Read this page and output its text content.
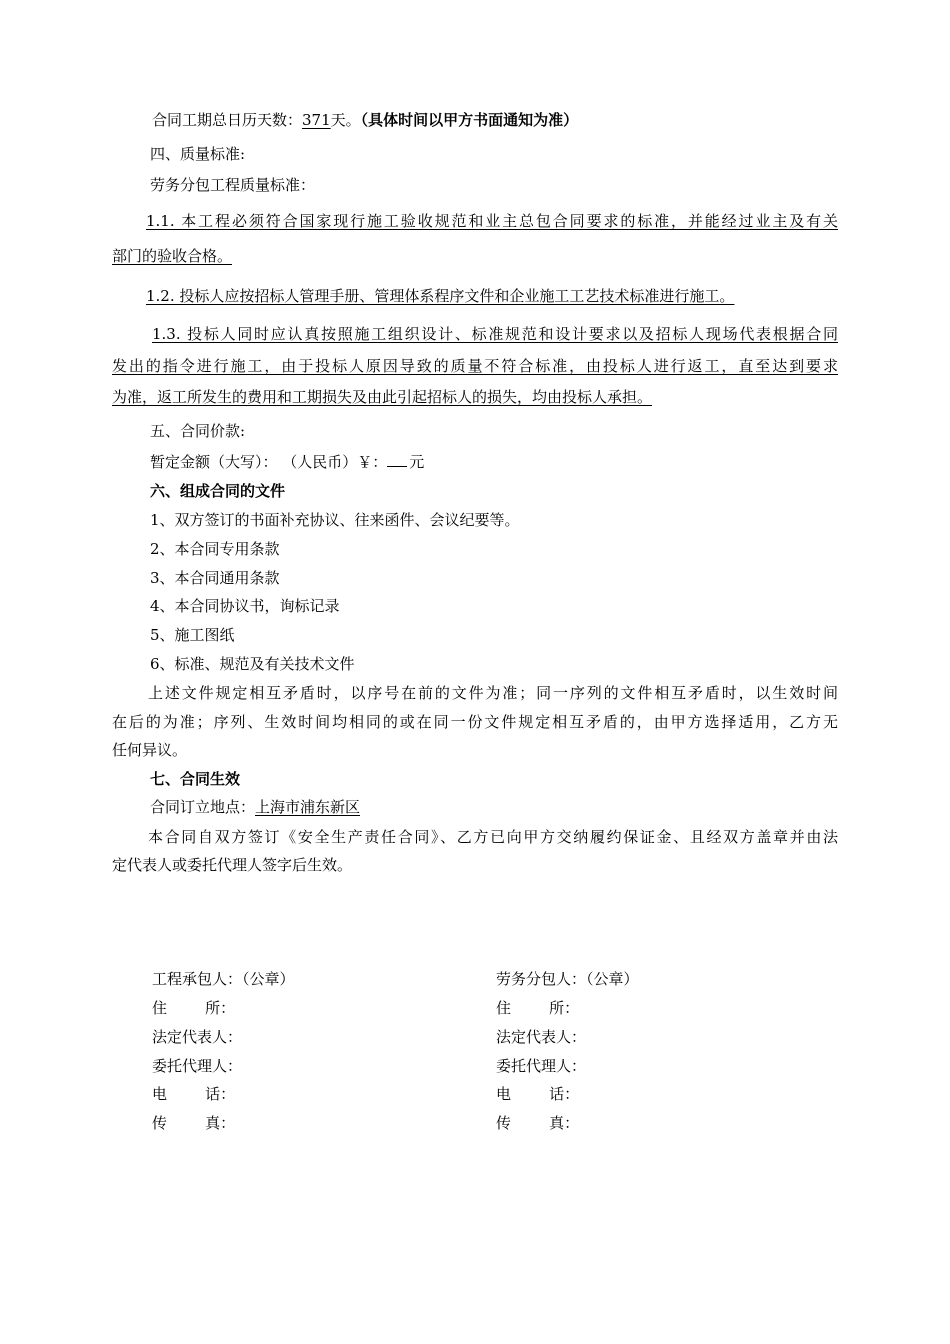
合同工期总日历天数：371天。（具体时间以甲方书面通知为准）
四、质量标准:
劳务分包工程质量标准：
1.1. 本工程必须符合国家现行施工验收规范和业主总包合同要求的标准，并能经过业主及有关
部门的验收合格。
1.2. 投标人应按招标人管理手册、管理体系程序文件和企业施工工艺技术标准进行施工。
1.3. 投标人同时应认真按照施工组织设计、标准规范和设计要求以及招标人现场代表根据合同
发出的指令进行施工，由于投标人原因导致的质量不符合标准，由投标人进行返工，直至达到要求
为准，返工所发生的费用和工期损失及由此引起招标人的损失，均由投标人承担。
五、合同价款:
暂定金额（大写）： （人民币）￥： 元
六、组成合同的文件
1、双方签订的书面补充协议、往来函件、会议纪要等。
2、本合同专用条款
3、本合同通用条款
4、本合同协议书，询标记录
5、施工图纸
6、标准、规范及有关技术文件
上述文件规定相互矛盾时，以序号在前的文件为准；同一序列的文件相互矛盾时，以生效时间
在后的为准；序列、生效时间均相同的或在同一份文件规定相互矛盾的，由甲方选择适用，乙方无
任何异议。
七、合同生效
合同订立地点：上海市浦东新区
本合同自双方签订《安全生产责任合同》、乙方已向甲方交纳履约保证金、且经双方盖章并由法
定代表人或委托代理人签字后生效。
工程承包人：（公章）
住        所：
法定代表人：
委托代理人：
电        话：
传        真：
劳务分包人：（公章）
住        所：
法定代表人：
委托代理人：
电        话：
传        真：
